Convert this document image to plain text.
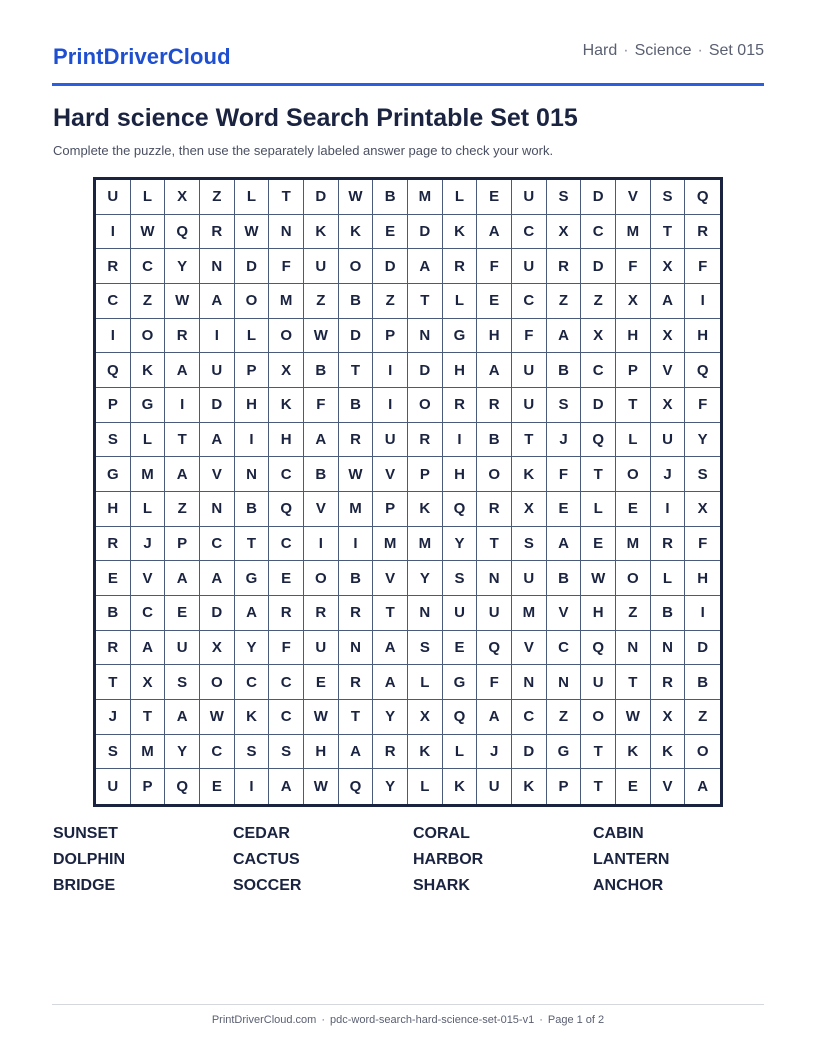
PrintDriverCloud	Hard · Science · Set 015
Hard science Word Search Printable Set 015

Complete the puzzle, then use the separately labeled answer page to check your work.

U	L	X	Z	L	T	D	W	B	M	L	E	U	S	D	V	S	Q
I	W	Q	R	W	N	K	K	E	D	K	A	C	X	C	M	T	R
R	C	Y	N	D	F	U	O	D	A	R	F	U	R	D	F	X	F
C	Z	W	A	O	M	Z	B	Z	T	L	E	C	Z	Z	X	A	I
I	O	R	I	L	O	W	D	P	N	G	H	F	A	X	H	X	H
Q	K	A	U	P	X	B	T	I	D	H	A	U	B	C	P	V	Q
P	G	I	D	H	K	F	B	I	O	R	R	U	S	D	T	X	F
S	L	T	A	I	H	A	R	U	R	I	B	T	J	Q	L	U	Y
G	M	A	V	N	C	B	W	V	P	H	O	K	F	T	O	J	S
H	L	Z	N	B	Q	V	M	P	K	Q	R	X	E	L	E	I	X
R	J	P	C	T	C	I	I	M	M	Y	T	S	A	E	M	R	F
E	V	A	A	G	E	O	B	V	Y	S	N	U	B	W	O	L	H
B	C	E	D	A	R	R	R	T	N	U	U	M	V	H	Z	B	I
R	A	U	X	Y	F	U	N	A	S	E	Q	V	C	Q	N	N	D
T	X	S	O	C	C	E	R	A	L	G	F	N	N	U	T	R	B
J	T	A	W	K	C	W	T	Y	X	Q	A	C	Z	O	W	X	Z
S	M	Y	C	S	S	H	A	R	K	L	J	D	G	T	K	K	O
U	P	Q	E	I	A	W	Q	Y	L	K	U	K	P	T	E	V	A
SUNSET	CEDAR	CORAL	CABIN
DOLPHIN	CACTUS	HARBOR	LANTERN
BRIDGE	SOCCER	SHARK	ANCHOR
PrintDriverCloud.com · pdc-word-search-hard-science-set-015-v1 · Page 1 of 2
